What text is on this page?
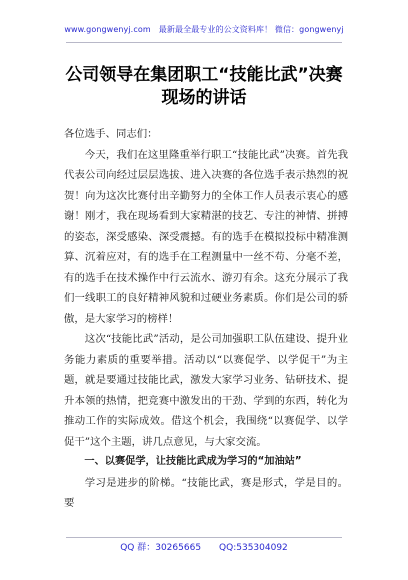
www.gongwenyj.com　最新最全最专业的公文资料库！ 微信：gongwenyj
公司领导在集团职工“技能比武”决赛现场的讲话

各位选手、同志们：

今天，我们在这里隆重举行职工“技能比武”决赛。首先我代表公司向经过层层选拔、进入决赛的各位选手表示热烈的祝贺！向为这次比赛付出辛勤努力的全体工作人员表示衷心的感谢！刚才，我在现场看到大家精湛的技艺、专注的神情、拼搏的姿态，深受感染、深受震撼。有的选手在模拟投标中精准测算、沉着应对，有的选手在工程测量中一丝不苟、分毫不差，有的选手在技术操作中行云流水、游刃有余。这充分展示了我们一线职工的良好精神风貌和过硬业务素质。你们是公司的骄傲，是大家学习的榜样！

这次“技能比武”活动，是公司加强职工队伍建设、提升业务能力素质的重要举措。活动以“以赛促学、以学促干”为主题，就是要通过技能比武，激发大家学习业务、钻研技术、提升本领的热情，把竞赛中激发出的干劲、学到的东西，转化为推动工作的实际成效。借这个机会，我围绕“以赛促学、以学促干”这个主题，讲几点意见，与大家交流。

一、以赛促学，让技能比武成为学习的“加油站”

学习是进步的阶梯。“技能比武，赛是形式，学是目的。要

QQ 群：30265665　　QQ:535304092
